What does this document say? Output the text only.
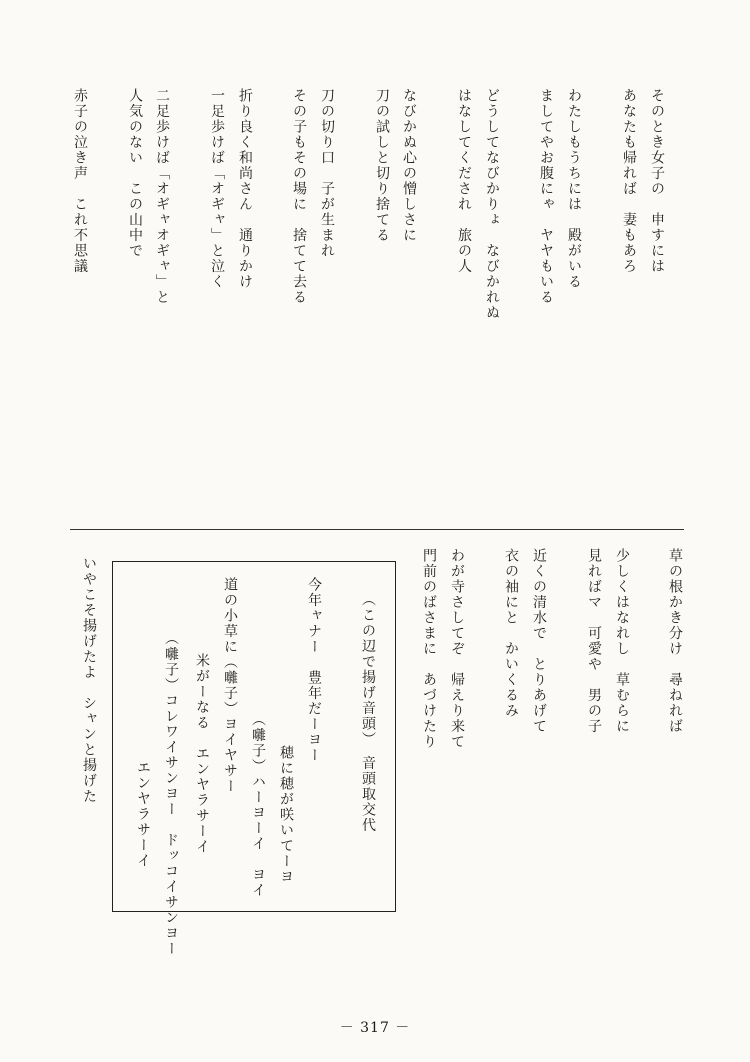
そのとき女子の　申すには
あなたも帰れば　妻もあろ
わたしもうちには　殿がいる
ましてやお腹にゃ　ヤヤもいる
どうしてなびかりょ　なびかれぬ
はなしてくだされ　旅の人
なびかぬ心の憎しさに
刀の試しと切り捨てる
刀の切り口　子が生まれ
その子もその場に　捨てて去る
折り良く和尚さん　通りかけ
一足歩けば「オギャ」と泣く
二足歩けば「オギャオギャ」と
人気のない　この山中で
赤子の泣き声　これ不思議
草の根かき分け　尋ねれば
少しくはなれし　草むらに
見ればマ　可愛や　男の子
近くの清水で　とりあげて
衣の袖にと　かいくるみ
わが寺さしてぞ　帰えり来て
門前のばさまに　あづけたり
（この辺で揚げ音頭）　音頭取交代
今年ャナー　豊年だーヨー
穂に穂が咲いてーヨ
（囃子）ハーヨーイ　ヨイ
道の小草に（囃子）ヨイヤサー
米がーなる　エンヤラサーイ
（囃子）コレワイサンヨー　ドッコイサンヨー
エンヤラサーイ
いやこそ揚げたよ　シャンと揚げた
－ 317 －
